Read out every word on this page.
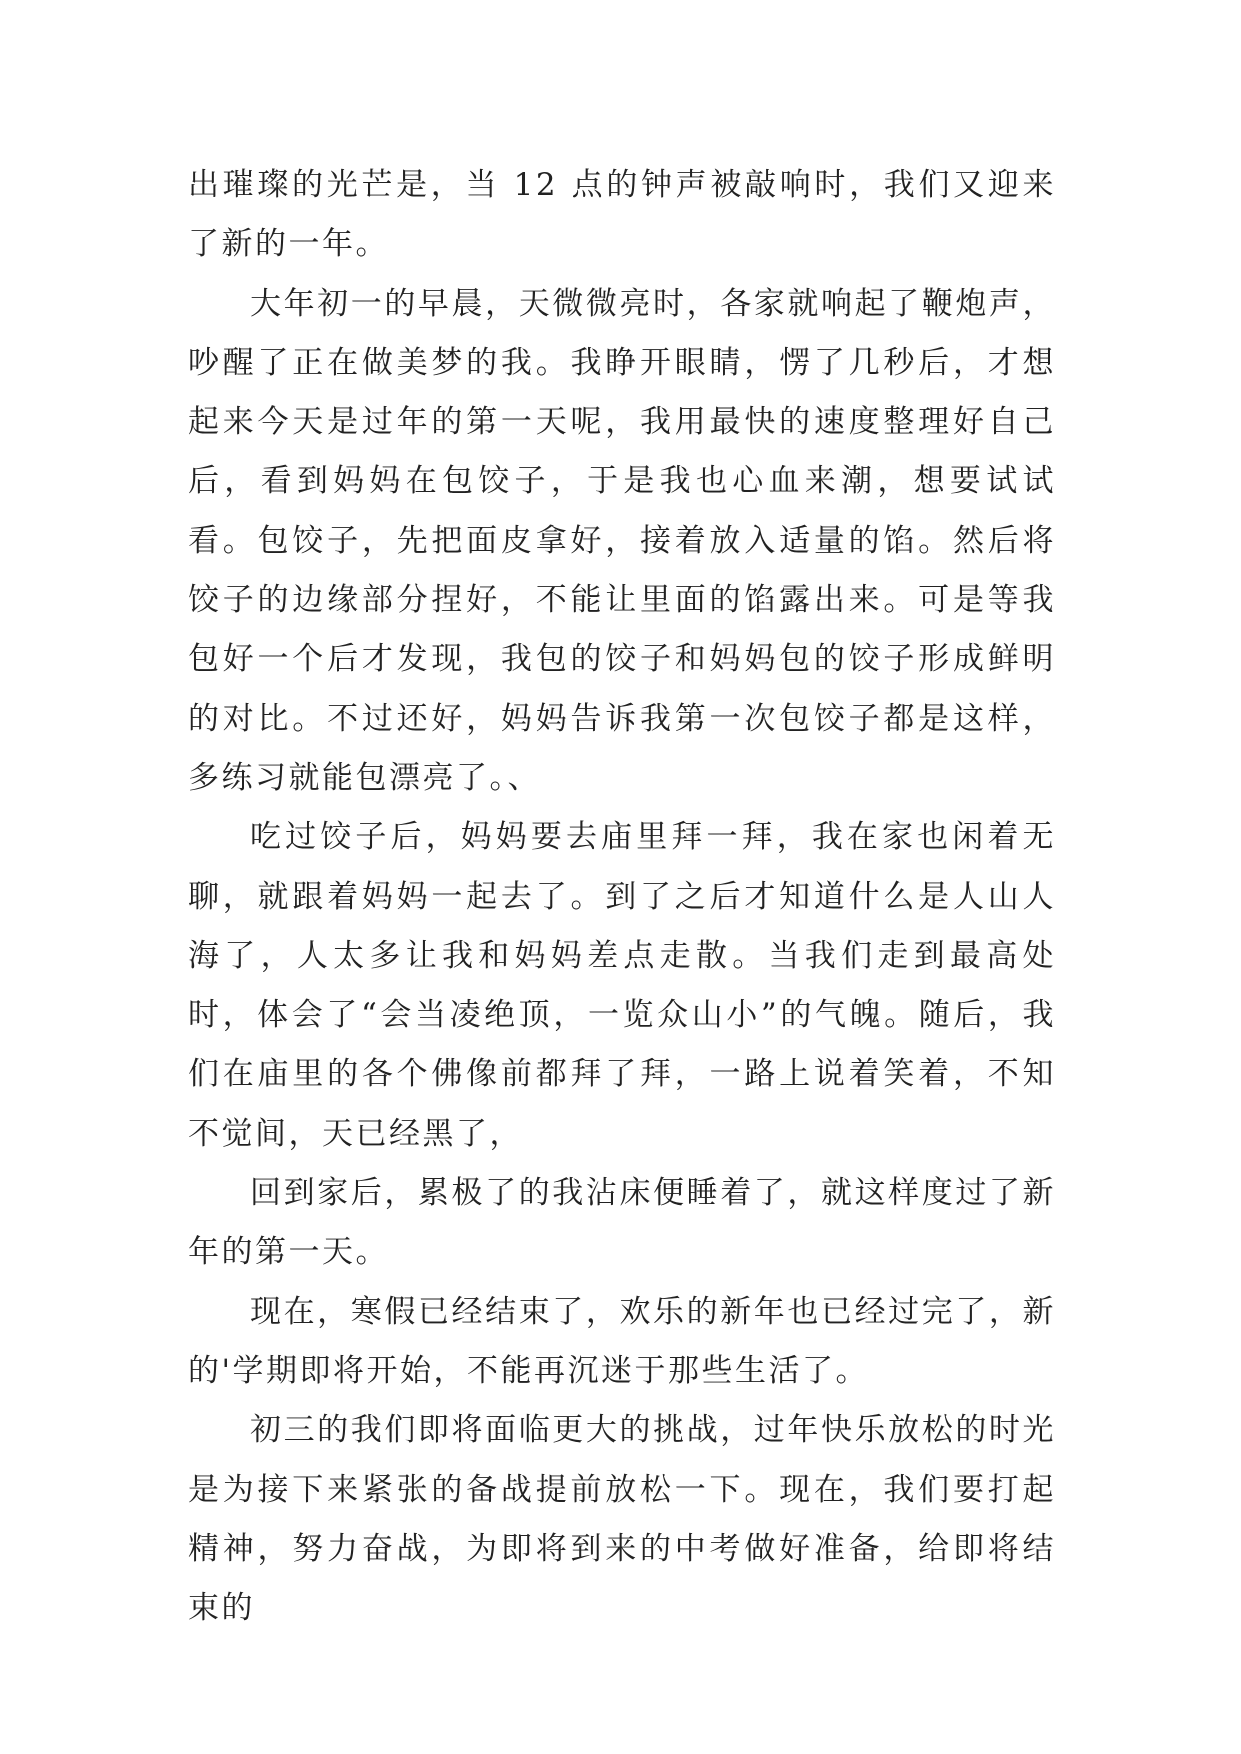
出璀璨的光芒是，当 12 点的钟声被敲响时，我们又迎来了新的一年。

大年初一的早晨，天微微亮时，各家就响起了鞭炮声，吵醒了正在做美梦的我。我睁开眼睛，愣了几秒后，才想起来今天是过年的第一天呢，我用最快的速度整理好自己后，看到妈妈在包饺子，于是我也心血来潮，想要试试看。包饺子，先把面皮拿好，接着放入适量的馅。然后将饺子的边缘部分捏好，不能让里面的馅露出来。可是等我包好一个后才发现，我包的饺子和妈妈包的饺子形成鲜明的对比。不过还好，妈妈告诉我第一次包饺子都是这样，多练习就能包漂亮了。、

吃过饺子后，妈妈要去庙里拜一拜，我在家也闲着无聊，就跟着妈妈一起去了。到了之后才知道什么是人山人海了，人太多让我和妈妈差点走散。当我们走到最高处时，体会了“会当凌绝顶，一览众山小”的气魄。随后，我们在庙里的各个佛像前都拜了拜，一路上说着笑着，不知不觉间，天已经黑了，

回到家后，累极了的我沾床便睡着了，就这样度过了新年的第一天。

现在，寒假已经结束了，欢乐的新年也已经过完了，新的'学期即将开始，不能再沉迷于那些生活了。

初三的我们即将面临更大的挑战，过年快乐放松的时光是为接下来紧张的备战提前放松一下。现在，我们要打起精神，努力奋战，为即将到来的中考做好准备，给即将结束的
